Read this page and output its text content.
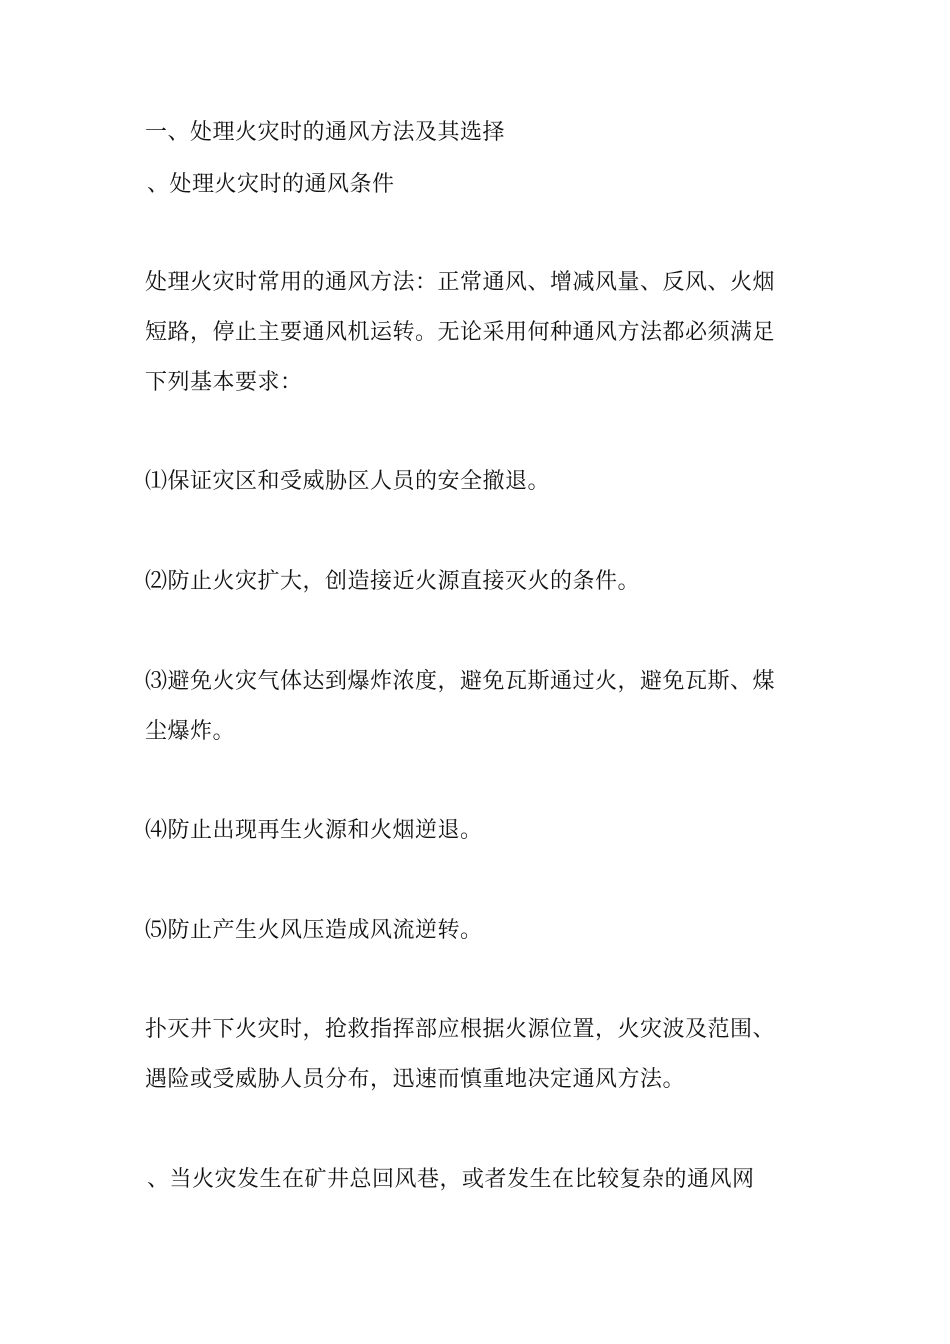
一、处理火灾时的通风方法及其选择
、处理火灾时的通风条件
处理火灾时常用的通风方法：正常通风、增减风量、反风、火烟
短路，停止主要通风机运转。无论采用何种通风方法都必须满足
下列基本要求：
⑴保证灾区和受威胁区人员的安全撤退。
⑵防止火灾扩大，创造接近火源直接灭火的条件。
⑶避免火灾气体达到爆炸浓度，避免瓦斯通过火，避免瓦斯、煤
尘爆炸。
⑷防止出现再生火源和火烟逆退。
⑸防止产生火风压造成风流逆转。
扑灭井下火灾时，抢救指挥部应根据火源位置，火灾波及范围、
遇险或受威胁人员分布，迅速而慎重地决定通风方法。
、当火灾发生在矿井总回风巷，或者发生在比较复杂的通风网
